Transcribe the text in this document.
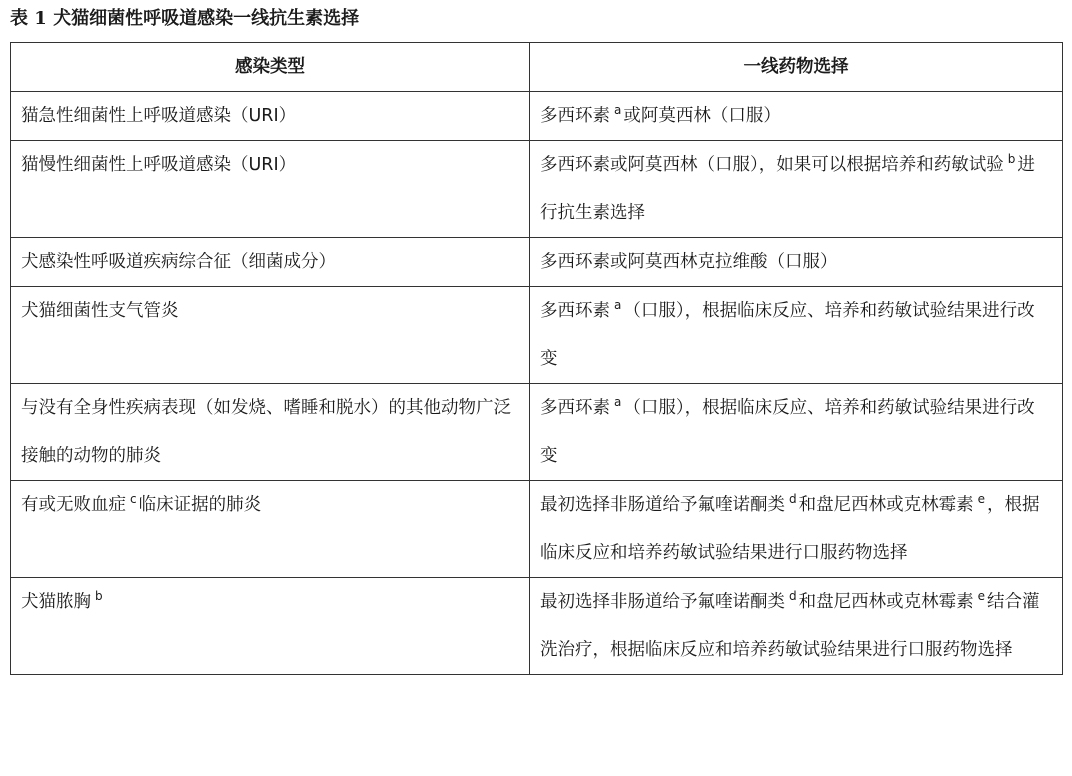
表 1 犬猫细菌性呼吸道感染一线抗生素选择
感染类型	一线药物选择
猫急性细菌性上呼吸道感染（URI）	多西环素 $^a$ 或阿莫西林（口服）
猫慢性细菌性上呼吸道感染（URI）	多西环素或阿莫西林（口服），如果可以根据培养和药敏试验 $^b$ 进行抗生素选择
犬感染性呼吸道疾病综合征（细菌成分）	多西环素或阿莫西林克拉维酸（口服）
犬猫细菌性支气管炎	多西环素 $^a$ （口服），根据临床反应、培养和药敏试验结果进行改变
与没有全身性疾病表现（如发烧、嗜睡和脱水）的其他动物广泛接触的动物的肺炎	多西环素 $^a$ （口服），根据临床反应、培养和药敏试验结果进行改变
有或无败血症 $^c$ 临床证据的肺炎	最初选择非肠道给予氟喹诺酮类 $^d$ 和盘尼西林或克林霉素 $^e$ ，根据临床反应和培养药敏试验结果进行口服药物选择
犬猫脓胸 $^b$	最初选择非肠道给予氟喹诺酮类 $^d$ 和盘尼西林或克林霉素 $^e$ 结合灌洗治疗，根据临床反应和培养药敏试验结果进行口服药物选择
